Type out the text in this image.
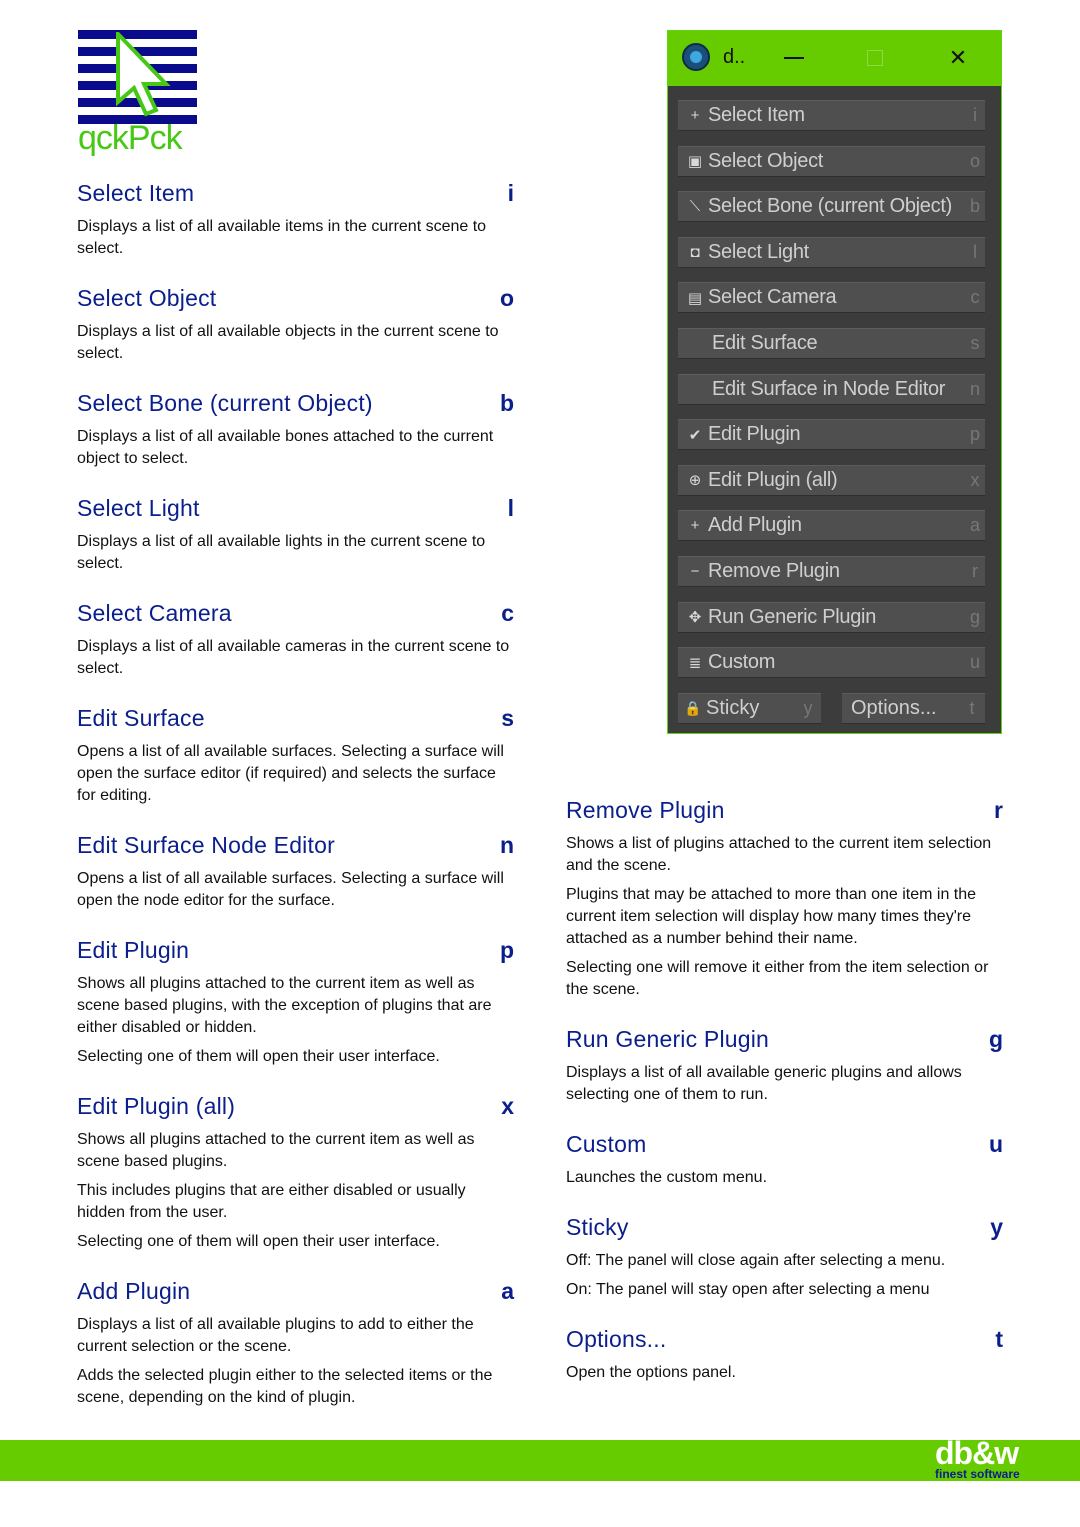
qckPck
Select Item	i

Displays a list of all available items in the current scene to select.

Select Object	o

Displays a list of all available objects in the current scene to select.

Select Bone (current Object)	b

Displays a list of all available bones attached to the current object to select.

Select Light	l

Displays a list of all available lights in the current scene to select.

Select Camera	c

Displays a list of all available cameras in the current scene to select.

Edit Surface	s

Opens a list of all available surfaces. Selecting a surface will open the surface editor (if required) and selects the surface for editing.

Edit Surface Node Editor	n

Opens a list of all available surfaces. Selecting a surface will open the node editor for the surface.

Edit Plugin	p

Shows all plugins attached to the current item as well as scene based plugins, with the exception of plugins that are either disabled or hidden.

Selecting one of them will open their user interface.

Edit Plugin (all)	x

Shows all plugins attached to the current item as well as scene based plugins.

This includes plugins that are either disabled or usually hidden from the user.

Selecting one of them will open their user interface.

Add Plugin	a

Displays a list of all available plugins to add to either the current selection or the scene.

Adds the selected plugin either to the selected items or the scene, depending on the kind of plugin.

Remove Plugin	r

Shows a list of plugins attached to the current item selection and the scene.

Plugins that may be attached to more than one item in the current item selection will display how many times they're attached as a number behind their name.

Selecting one will remove it either from the item selection or the scene.

Run Generic Plugin	g

Displays a list of all available generic plugins and allows selecting one of them to run.

Custom	u

Launches the custom menu.

Sticky	y

Off: The panel will close again after selecting a menu.

On: The panel will stay open after selecting a menu

Options...	t

Open the options panel.

d..	✕
+ Select Item	i
▣ Select Object	o
⟍ Select Bone (current Object)	b
◘ Select Light	l
▤ Select Camera	c
Edit Surface	s
Edit Surface in Node Editor	n
✔ Edit Plugin	p
⊕ Edit Plugin (all)	x
+ Add Plugin	a
− Remove Plugin	r
✥ Run Generic Plugin	g
≣ Custom	u
🔒 Sticky	y	Options...	t
db&w
finest software
